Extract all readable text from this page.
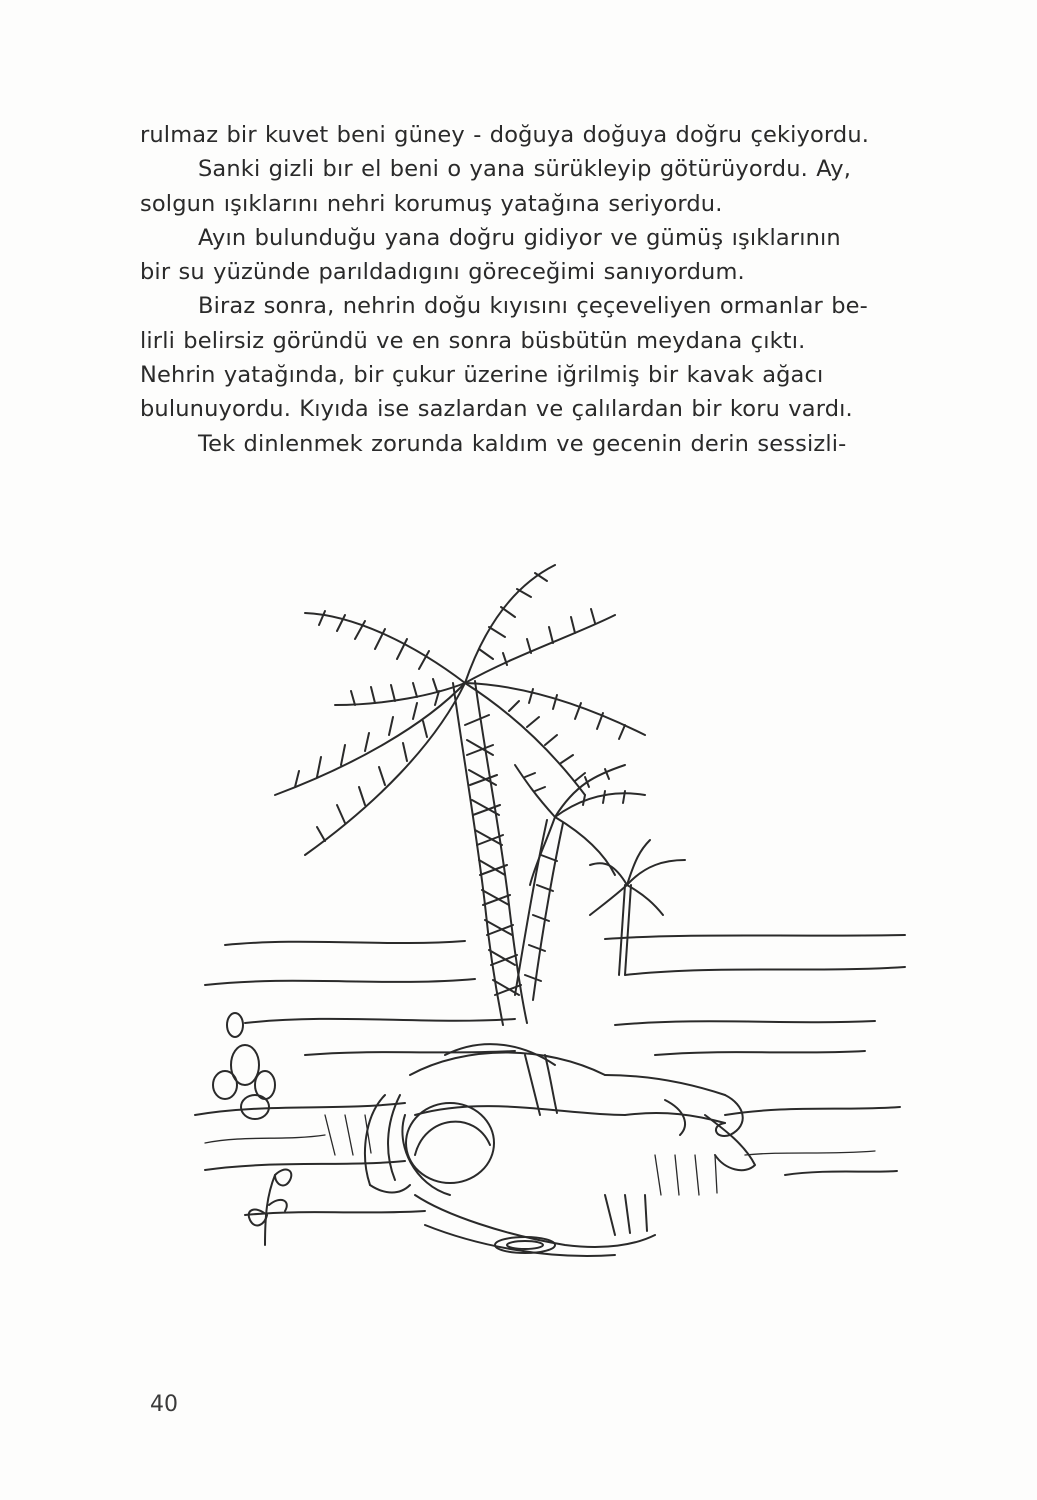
rulmaz bir kuvet beni güney - doğuya doğuya doğru çekiyordu.
Sanki gizli bır el beni o yana sürükleyip götürüyordu. Ay,
solgun ışıklarını nehri korumuş yatağına seriyordu.
Ayın bulunduğu yana doğru gidiyor ve gümüş ışıklarının
bir su yüzünde parıldadıgını göreceğimi sanıyordum.
Biraz sonra, nehrin doğu kıyısını çeçeveliyen ormanlar be-
lirli belirsiz göründü ve en sonra büsbütün meydana çıktı.
Nehrin yatağında, bir çukur üzerine iğrilmiş bir kavak ağacı
bulunuyordu. Kıyıda ise sazlardan ve çalılardan bir koru vardı.
Tek dinlenmek zorunda kaldım ve gecenin derin sessizli-
40
